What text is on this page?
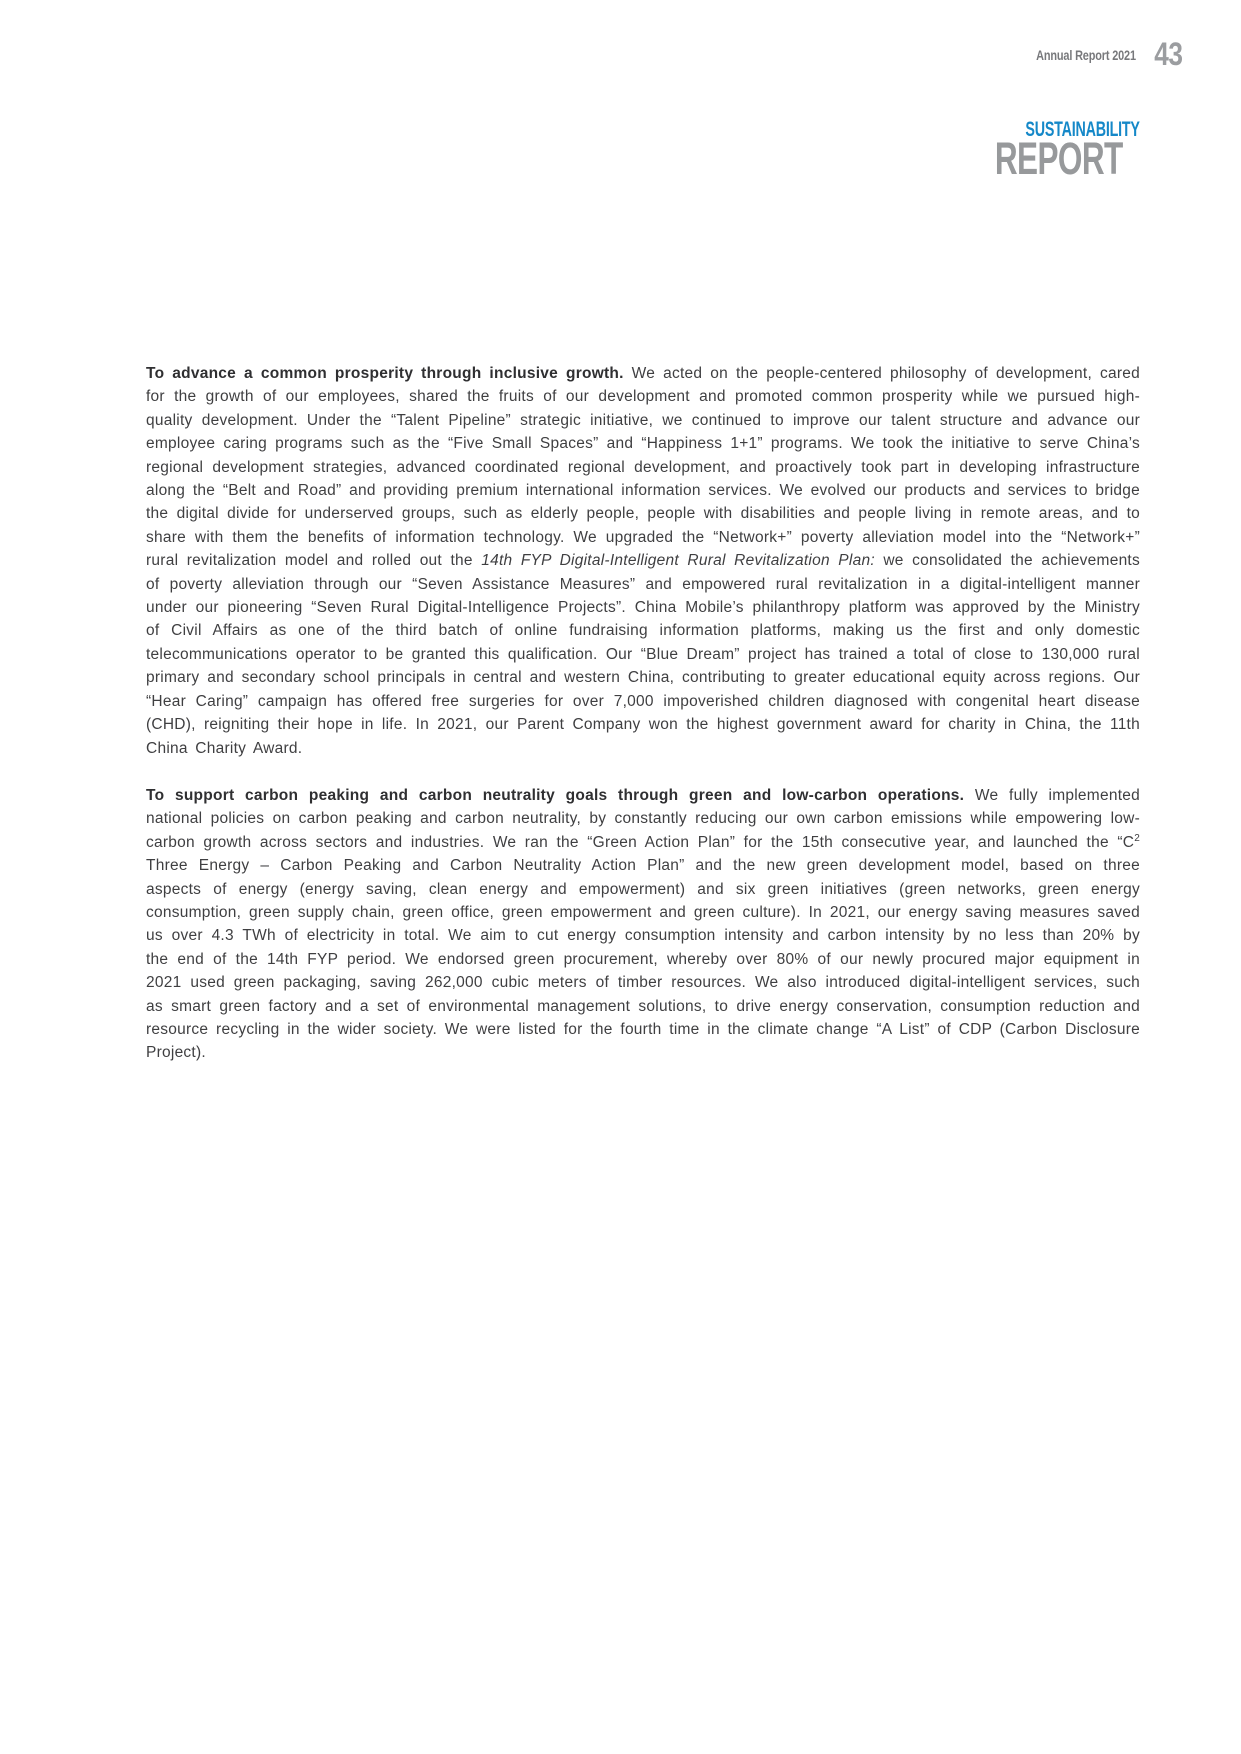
Annual Report 2021 43
SUSTAINABILITY
REPORT

To advance a common prosperity through inclusive growth. We acted on the people-centered philosophy of development, cared for the growth of our employees, shared the fruits of our development and promoted common prosperity while we pursued high-quality development. Under the “Talent Pipeline” strategic initiative, we continued to improve our talent structure and advance our employee caring programs such as the “Five Small Spaces” and “Happiness 1+1” programs. We took the initiative to serve China’s regional development strategies, advanced coordinated regional development, and proactively took part in developing infrastructure along the “Belt and Road” and providing premium international information services. We evolved our products and services to bridge the digital divide for underserved groups, such as elderly people, people with disabilities and people living in remote areas, and to share with them the benefits of information technology. We upgraded the “Network+” poverty alleviation model into the “Network+” rural revitalization model and rolled out the 14th FYP Digital-Intelligent Rural Revitalization Plan: we consolidated the achievements of poverty alleviation through our “Seven Assistance Measures” and empowered rural revitalization in a digital-intelligent manner under our pioneering “Seven Rural Digital-Intelligence Projects”. China Mobile’s philanthropy platform was approved by the Ministry of Civil Affairs as one of the third batch of online fundraising information platforms, making us the first and only domestic telecommunications operator to be granted this qualification. Our “Blue Dream” project has trained a total of close to 130,000 rural primary and secondary school principals in central and western China, contributing to greater educational equity across regions. Our “Hear Caring” campaign has offered free surgeries for over 7,000 impoverished children diagnosed with congenital heart disease (CHD), reigniting their hope in life. In 2021, our Parent Company won the highest government award for charity in China, the 11th China Charity Award.

To support carbon peaking and carbon neutrality goals through green and low-carbon operations. We fully implemented national policies on carbon peaking and carbon neutrality, by constantly reducing our own carbon emissions while empowering low-carbon growth across sectors and industries. We ran the “Green Action Plan” for the 15th consecutive year, and launched the “$C^2$ Three Energy – Carbon Peaking and Carbon Neutrality Action Plan” and the new green development model, based on three aspects of energy (energy saving, clean energy and empowerment) and six green initiatives (green networks, green energy consumption, green supply chain, green office, green empowerment and green culture). In 2021, our energy saving measures saved us over 4.3 TWh of electricity in total. We aim to cut energy consumption intensity and carbon intensity by no less than 20% by the end of the 14th FYP period. We endorsed green procurement, whereby over 80% of our newly procured major equipment in 2021 used green packaging, saving 262,000 cubic meters of timber resources. We also introduced digital-intelligent services, such as smart green factory and a set of environmental management solutions, to drive energy conservation, consumption reduction and resource recycling in the wider society. We were listed for the fourth time in the climate change “A List” of CDP (Carbon Disclosure Project).
